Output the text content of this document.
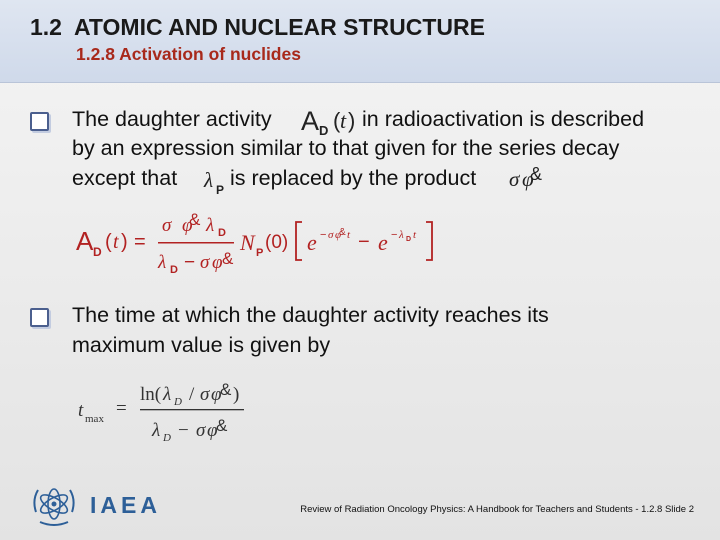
1.2 ATOMIC AND NUCLEAR STRUCTURE
1.2.8 Activation of nuclides
The daughter activity A D ( t ) in radioactivation is described
by an expression similar to that given for the series decay
except that λ P is replaced by the product σ φ
&
A D ( t ) =
σ φ
& λ D
λ D − σ φ &
N P (0) e − σ φ
& t − e − λ D t
The time at which the daughter activity reaches its
maximum value is given by
t max =
ln( λ D / σ φ
& )
λ D − σ φ
&
IAEA	Review of Radiation Oncology Physics: A Handbook for Teachers and Students - 1.2.8 Slide 2
